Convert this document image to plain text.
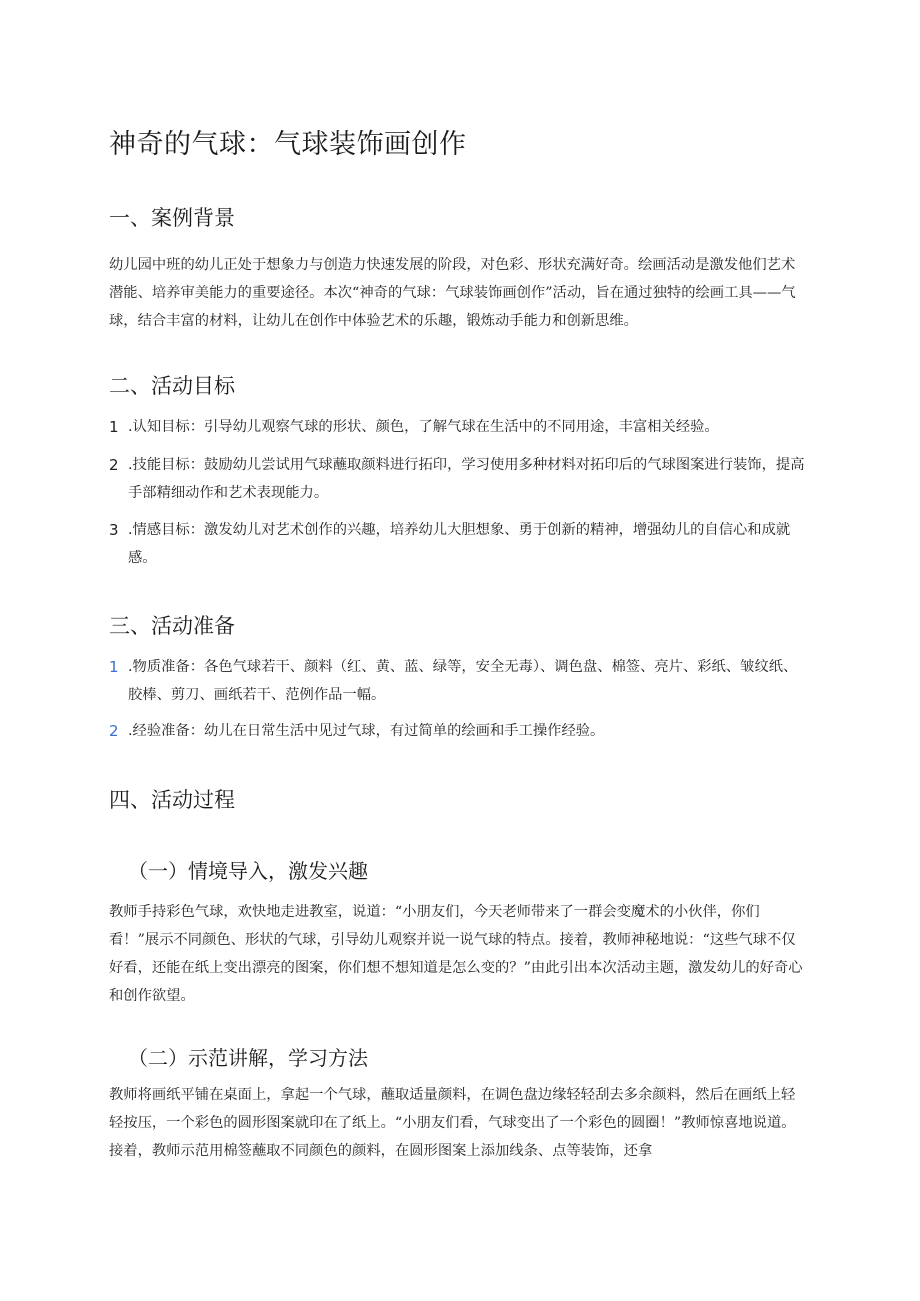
神奇的气球：气球装饰画创作
一、案例背景

幼儿园中班的幼儿正处于想象力与创造力快速发展的阶段，对色彩、形状充满好奇。绘画活动是激发他们艺术潜能、培养审美能力的重要途径。本次“神奇的气球：气球装饰画创作”活动，旨在通过独特的绘画工具——气球，结合丰富的材料，让幼儿在创作中体验艺术的乐趣，锻炼动手能力和创新思维。

二、活动目标
1 .认知目标：引导幼儿观察气球的形状、颜色，了解气球在生活中的不同用途，丰富相关经验。

2 .技能目标：鼓励幼儿尝试用气球蘸取颜料进行拓印，学习使用多种材料对拓印后的气球图案进行装饰，提高手部精细动作和艺术表现能力。

3 .情感目标：激发幼儿对艺术创作的兴趣，培养幼儿大胆想象、勇于创新的精神，增强幼儿的自信心和成就感。

三、活动准备
1 .物质准备：各色气球若干、颜料（红、黄、蓝、绿等，安全无毒）、调色盘、棉签、亮片、彩纸、皱纹纸、胶棒、剪刀、画纸若干、范例作品一幅。

2 .经验准备：幼儿在日常生活中见过气球，有过简单的绘画和手工操作经验。

四、活动过程
（一）情境导入，激发兴趣

教师手持彩色气球，欢快地走进教室，说道：“小朋友们，今天老师带来了一群会变魔术的小伙伴，你们看！”展示不同颜色、形状的气球，引导幼儿观察并说一说气球的特点。接着，教师神秘地说：“这些气球不仅好看，还能在纸上变出漂亮的图案，你们想不想知道是怎么变的？”由此引出本次活动主题，激发幼儿的好奇心和创作欲望。

（二）示范讲解，学习方法

教师将画纸平铺在桌面上，拿起一个气球，蘸取适量颜料，在调色盘边缘轻轻刮去多余颜料，然后在画纸上轻轻按压，一个彩色的圆形图案就印在了纸上。“小朋友们看，气球变出了一个彩色的圆圈！”教师惊喜地说道。接着，教师示范用棉签蘸取不同颜色的颜料，在圆形图案上添加线条、点等装饰，还拿
